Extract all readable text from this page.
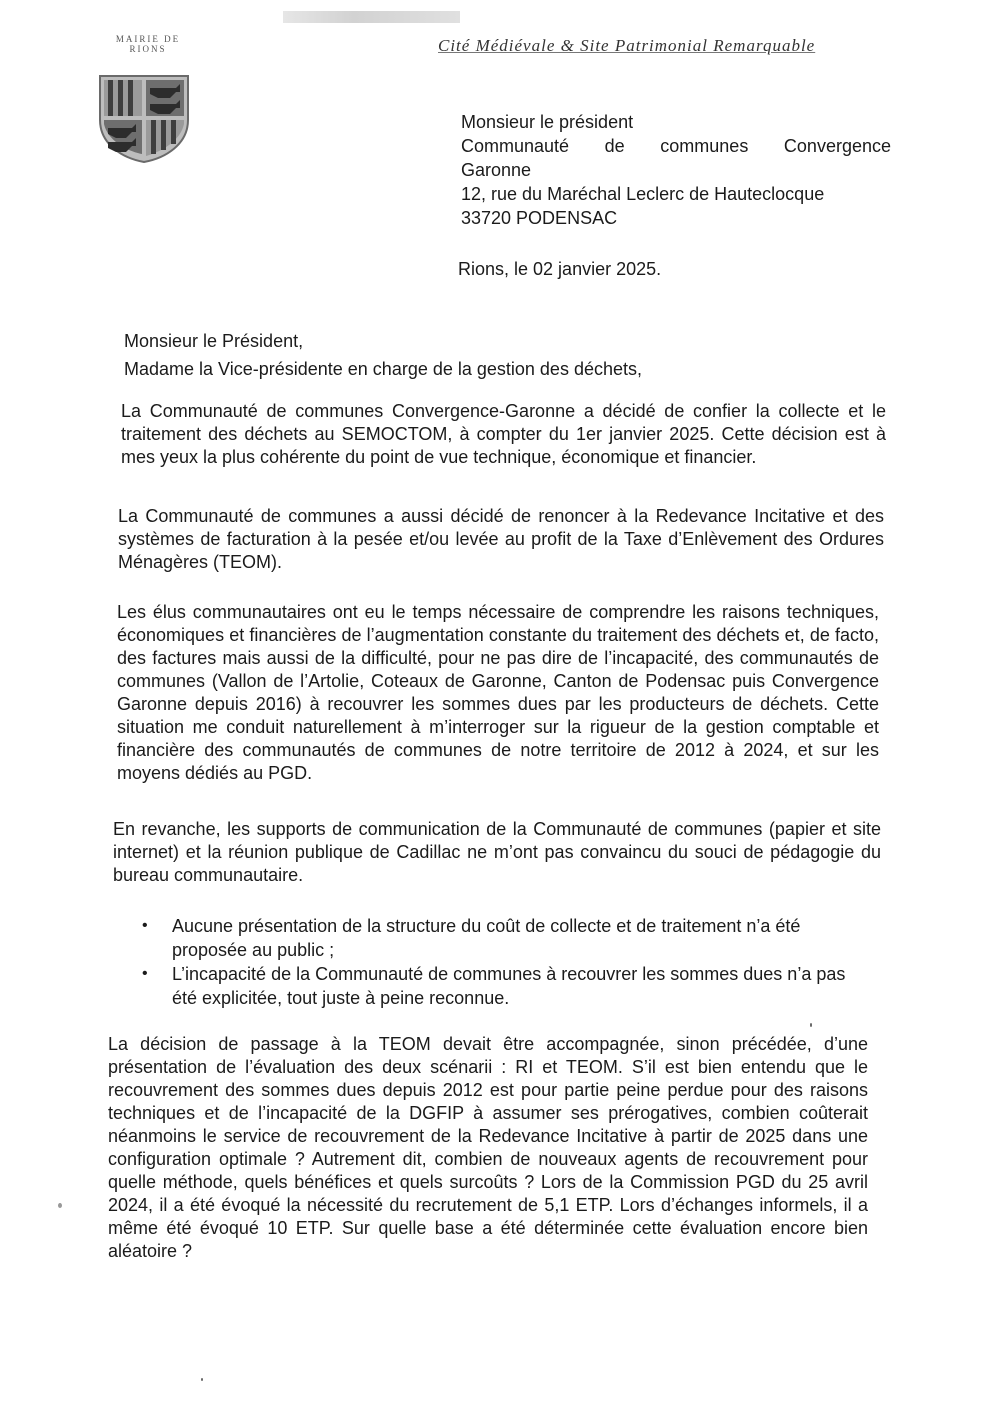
MAIRIE DE RIONS	Cité Médiévale & Site Patrimonial Remarquable
Monsieur le président
Communauté de communes Convergence
Garonne
12, rue du Maréchal Leclerc de Hauteclocque
33720 PODENSAC
Rions, le 02 janvier 2025.
Monsieur le Président,
Madame la Vice-présidente en charge de la gestion des déchets,

La Communauté de communes Convergence-Garonne a décidé de confier la collecte et le traitement des déchets au SEMOCTOM, à compter du 1er janvier 2025. Cette décision est à mes yeux la plus cohérente du point de vue technique, économique et financier.

La Communauté de communes a aussi décidé de renoncer à la Redevance Incitative et des systèmes de facturation à la pesée et/ou levée au profit de la Taxe d’Enlèvement des Ordures Ménagères (TEOM).

Les élus communautaires ont eu le temps nécessaire de comprendre les raisons techniques, économiques et financières de l’augmentation constante du traitement des déchets et, de facto, des factures mais aussi de la difficulté, pour ne pas dire de l’incapacité, des communautés de communes (Vallon de l’Artolie, Coteaux de Garonne, Canton de Podensac puis Convergence Garonne depuis 2016) à recouvrer les sommes dues par les producteurs de déchets. Cette situation me conduit naturellement à m’interroger sur la rigueur de la gestion comptable et financière des communautés de communes de notre territoire de 2012 à 2024, et sur les moyens dédiés au PGD.

En revanche, les supports de communication de la Communauté de communes (papier et site internet) et la réunion publique de Cadillac ne m’ont pas convaincu du souci de pédagogie du bureau communautaire.

• Aucune présentation de la structure du coût de collecte et de traitement n’a été proposée au public ;
• L’incapacité de la Communauté de communes à recouvrer les sommes dues n’a pas été explicitée, tout juste à peine reconnue.

La décision de passage à la TEOM devait être accompagnée, sinon précédée, d’une présentation de l’évaluation des deux scénarii : RI et TEOM. S’il est bien entendu que le recouvrement des sommes dues depuis 2012 est pour partie peine perdue pour des raisons techniques et de l’incapacité de la DGFIP à assumer ses prérogatives, combien coûterait néanmoins le service de recouvrement de la Redevance Incitative à partir de 2025 dans une configuration optimale ? Autrement dit, combien de nouveaux agents de recouvrement pour quelle méthode, quels bénéfices et quels surcoûts ? Lors de la Commission PGD du 25 avril 2024, il a été évoqué la nécessité du recrutement de 5,1 ETP. Lors d’échanges informels, il a même été évoqué 10 ETP. Sur quelle base a été déterminée cette évaluation encore bien aléatoire ?
